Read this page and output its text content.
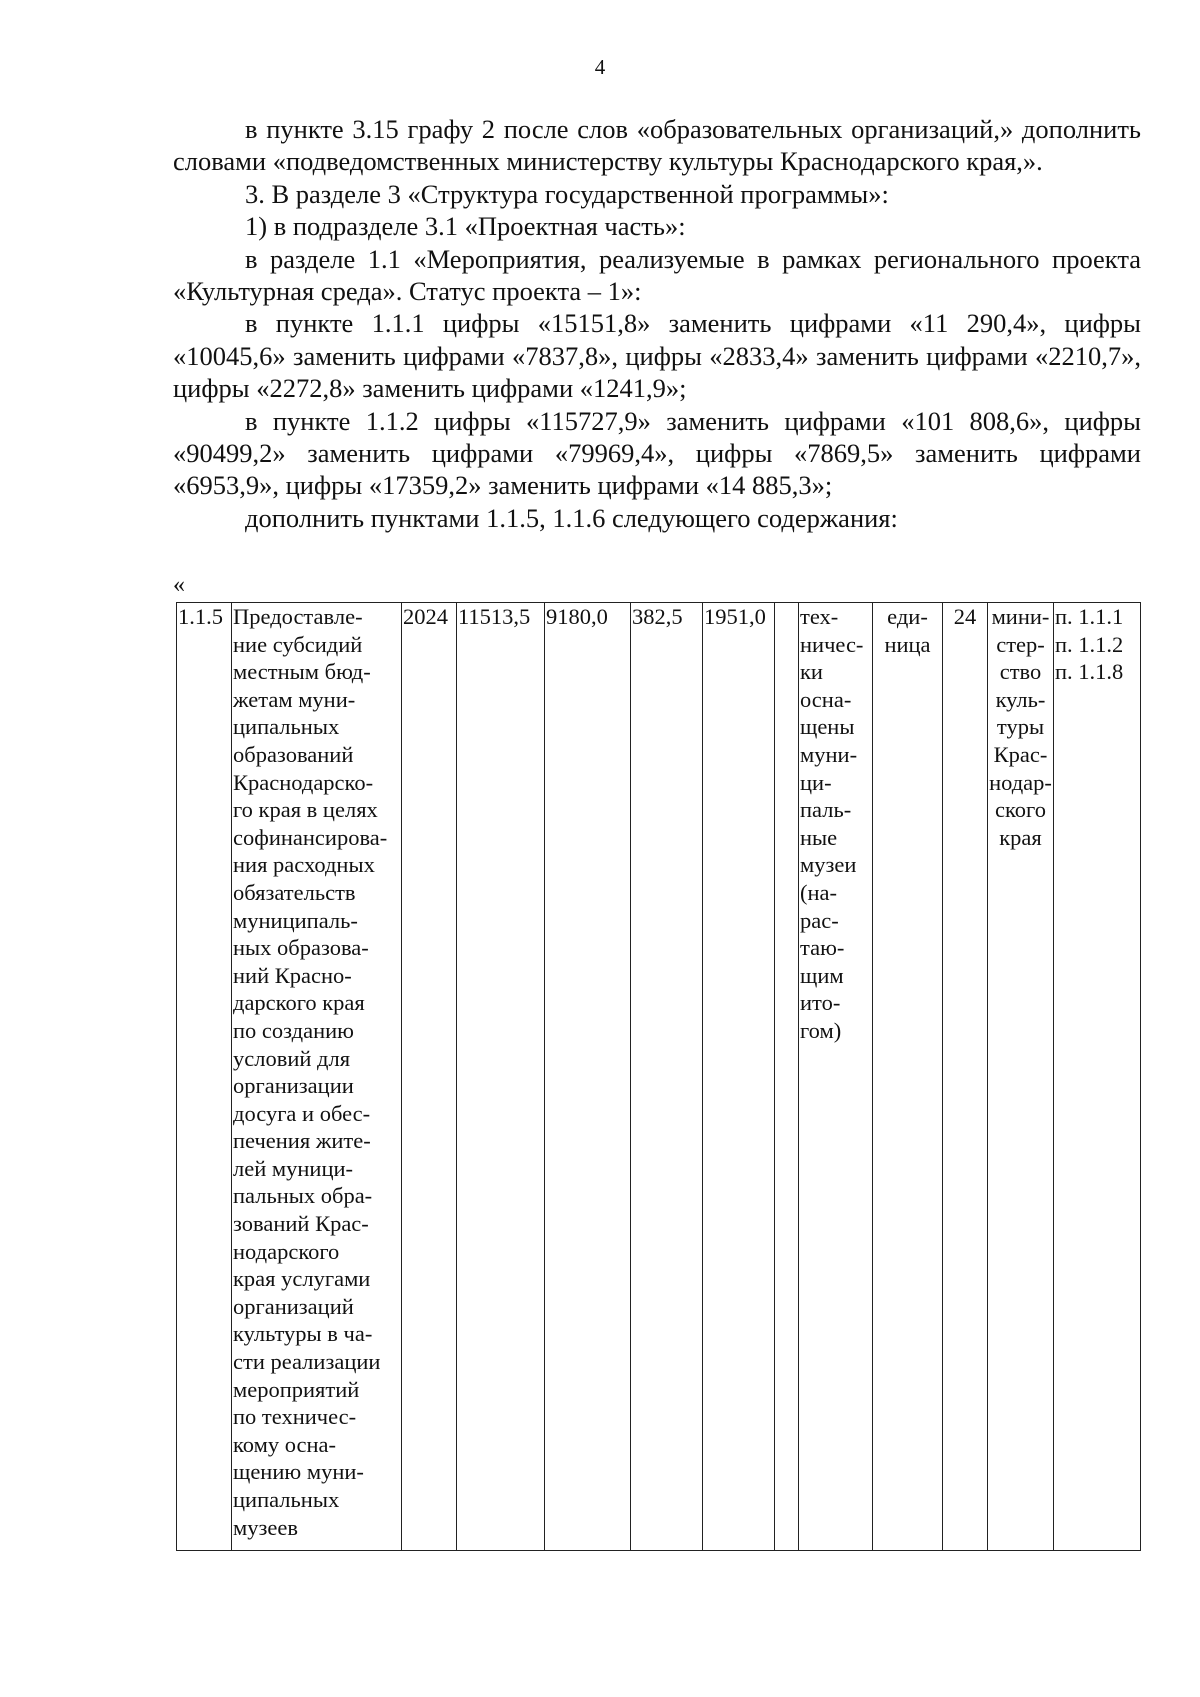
4

в пункте 3.15 графу 2 после слов «образовательных организаций,» дополнить словами «подведомственных министерству культуры Краснодарского края,».

3. В разделе 3 «Структура государственной программы»:

1) в подразделе 3.1 «Проектная часть»:

в разделе 1.1 «Мероприятия, реализуемые в рамках регионального проекта «Культурная среда». Статус проекта – 1»:

в пункте 1.1.1 цифры «15151,8» заменить цифрами «11 290,4», цифры «10045,6» заменить цифрами «7837,8», цифры «2833,4» заменить цифрами «2210,7», цифры «2272,8» заменить цифрами «1241,9»;

в пункте 1.1.2 цифры «115727,9» заменить цифрами «101 808,6», цифры «90499,2» заменить цифрами «79969,4», цифры «7869,5» заменить цифрами «6953,9», цифры «17359,2» заменить цифрами «14 885,3»;

дополнить пунктами 1.1.5, 1.1.6 следующего содержания:

«
1.1.5	Предоставле-
ние субсидий
местным бюд-
жетам муни-
ципальных
образований
Краснодарско-
го края в целях
софинансирова-
ния расходных
обязательств
муниципаль-
ных образова-
ний Красно-
дарского края
по созданию
условий для
организации
досуга и обес-
печения жите-
лей муници-
пальных обра-
зований Крас-
нодарского
края услугами
организаций
культуры в ча-
сти реализации
мероприятий
по техничес-
кому осна-
щению муни-
ципальных
музеев	2024	11513,5	9180,0	382,5	1951,0		тех-
ничес-
ки
осна-
щены
муни-
ци-
паль-
ные
музеи
(на-
рас-
таю-
щим
ито-
гом)	еди-
ница	24	мини-
стер-
ство
куль-
туры
Крас-
нодар-
ского
края	п. 1.1.1
п. 1.1.2
п. 1.1.8
